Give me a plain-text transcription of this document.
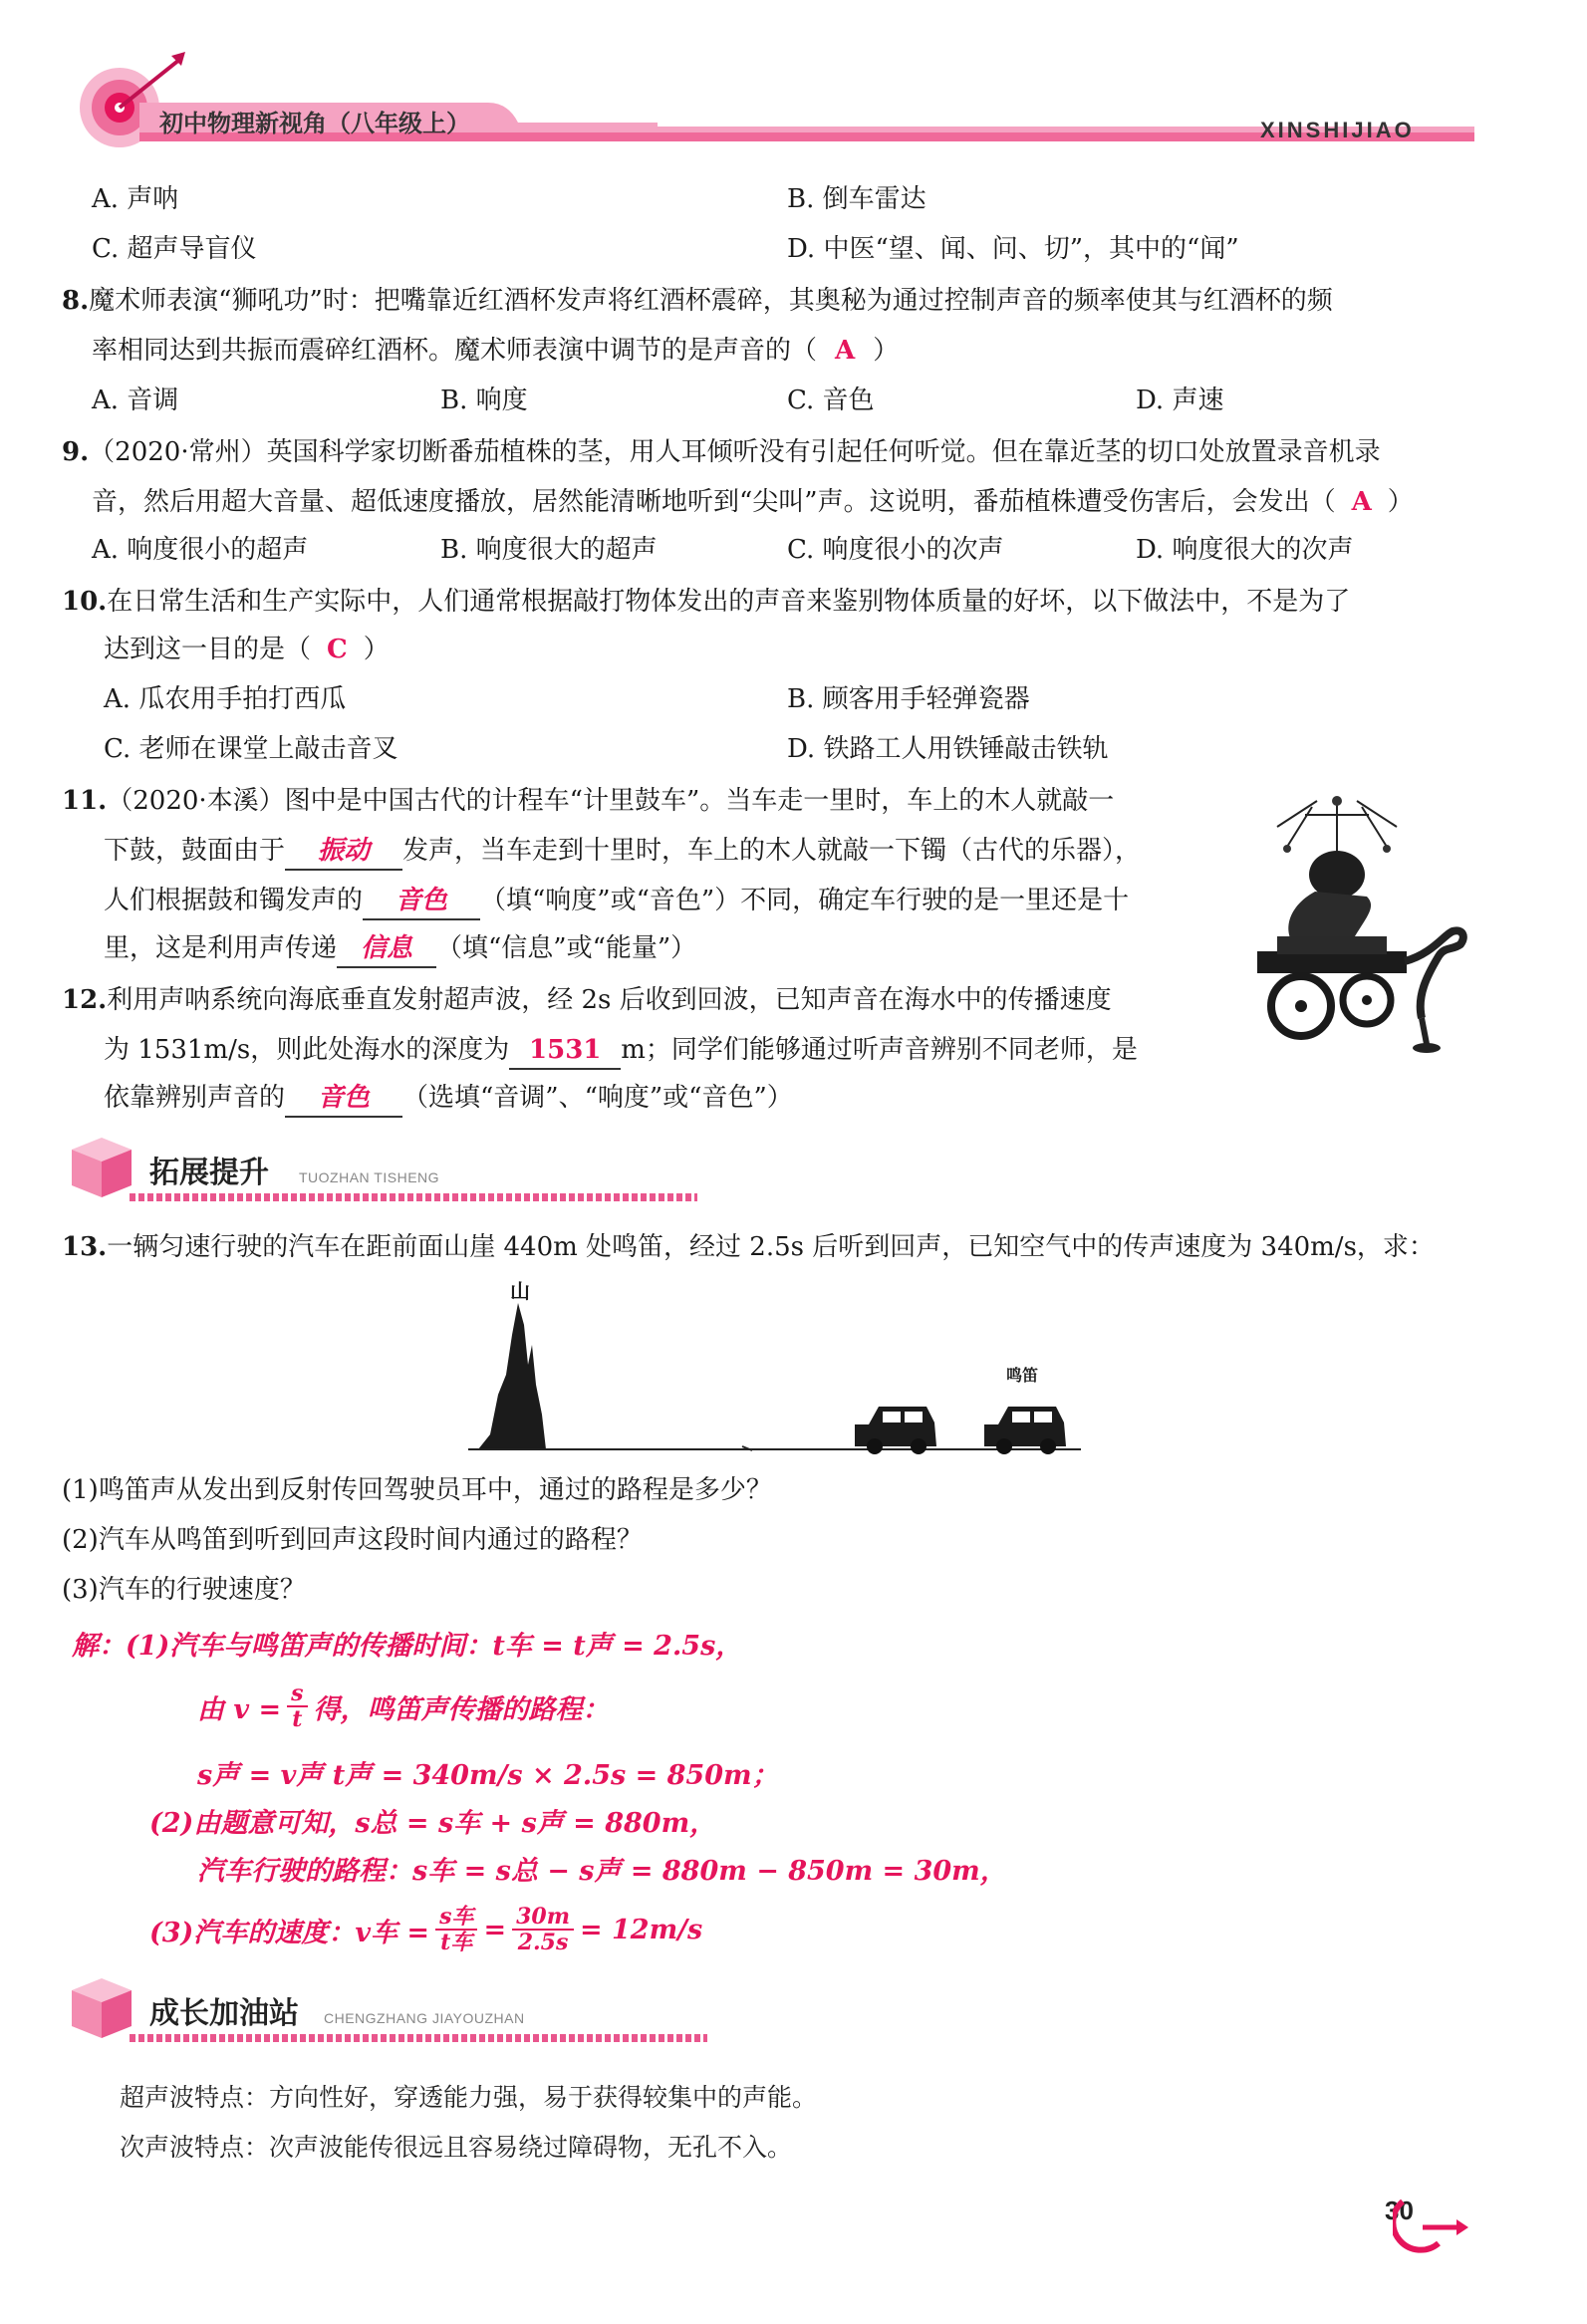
初中物理新视角（八年级上）	XINSHIJIAO
A. 声呐	B. 倒车雷达
C. 超声导盲仪	D. 中医“望、闻、问、切”，其中的“闻”
8.魔术师表演“狮吼功”时：把嘴靠近红酒杯发声将红酒杯震碎，其奥秘为通过控制声音的频率使其与红酒杯的频
率相同达到共振而震碎红酒杯。魔术师表演中调节的是声音的（ A ）
A. 音调	B. 响度	C. 音色	D. 声速
9.（2020·常州）英国科学家切断番茄植株的茎，用人耳倾听没有引起任何听觉。但在靠近茎的切口处放置录音机录
音，然后用超大音量、超低速度播放，居然能清晰地听到“尖叫”声。这说明，番茄植株遭受伤害后，会发出（ A ）
A. 响度很小的超声	B. 响度很大的超声	C. 响度很小的次声	D. 响度很大的次声
10.在日常生活和生产实际中，人们通常根据敲打物体发出的声音来鉴别物体质量的好坏，以下做法中，不是为了
达到这一目的是（ C ）
A. 瓜农用手拍打西瓜	B. 顾客用手轻弹瓷器
C. 老师在课堂上敲击音叉	D. 铁路工人用铁锤敲击铁轨
11.（2020·本溪）图中是中国古代的计程车“计里鼓车”。当车走一里时，车上的木人就敲一
下鼓，鼓面由于 振动 发声，当车走到十里时，车上的木人就敲一下镯（古代的乐器），
人们根据鼓和镯发声的 音色 （填“响度”或“音色”）不同，确定车行驶的是一里还是十
里，这是利用声传递 信息 （填“信息”或“能量”）
12.利用声呐系统向海底垂直发射超声波，经 2s 后收到回波，已知声音在海水中的传播速度
为 1531m/s，则此处海水的深度为 1531 m；同学们能够通过听声音辨别不同老师，是
依靠辨别声音的 音色 （选填“音调”、“响度”或“音色”）
拓展提升 TUOZHAN TISHENG
13.一辆匀速行驶的汽车在距前面山崖 440m 处鸣笛，经过 2.5s 后听到回声，已知空气中的传声速度为 340m/s，求：
山
鸣笛
(1)鸣笛声从发出到反射传回驾驶员耳中，通过的路程是多少？
(2)汽车从鸣笛到听到回声这段时间内通过的路程？
(3)汽车的行驶速度？
解：(1)汽车与鸣笛声的传播时间：t车 = t声 = 2.5s，
由 $v = \frac{s}{t}$ 得，鸣笛声传播的路程：
s声 = v声 t声 = 340m/s × 2.5s = 850m；
(2)由题意可知，s总 = s车 + s声 = 880m，
汽车行驶的路程：s车 = s总 − s声 = 880m − 850m = 30m，
(3)汽车的速度：v车 =
s车
t车 = $\frac{30m}{2.5s} = 12m/s$
成长加油站 CHENGZHANG JIAYOUZHAN
超声波特点：方向性好，穿透能力强，易于获得较集中的声能。
次声波特点：次声波能传很远且容易绕过障碍物，无孔不入。
30
